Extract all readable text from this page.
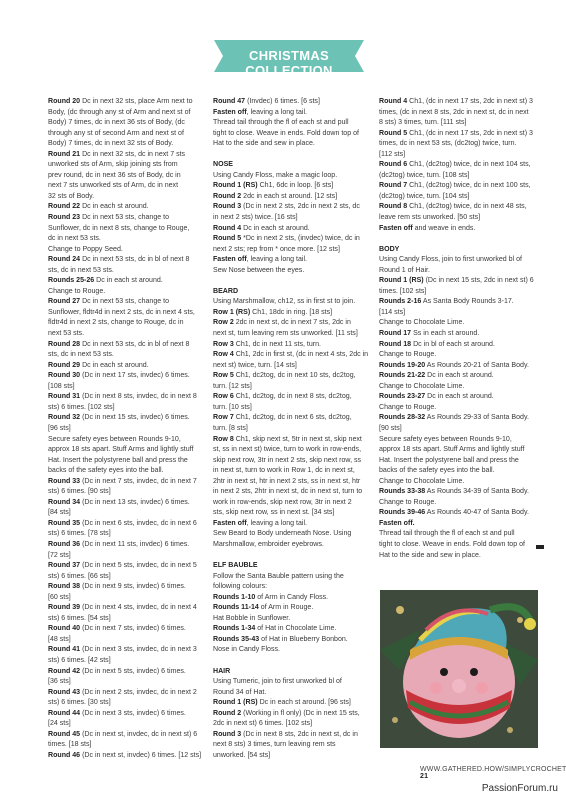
CHRISTMAS COLLECTION
Round 20 Dc in next 32 sts, place Arm next to
Body, (dc through any st of Arm and next st of
Body) 7 times, dc in next 36 sts of Body, (dc
through any st of second Arm and next st of
Body) 7 times, dc in next 32 sts of Body.
Round 21 Dc in next 32 sts, dc in next 7 sts
unworked sts of Arm, skip joining sts from
prev round, dc in next 36 sts of Body, dc in
next 7 sts unworked sts of Arm, dc in next
32 sts of Body.
Round 22 Dc in each st around.
Round 23 Dc in next 53 sts, change to
Sunflower, dc in next 8 sts, change to Rouge,
dc in next 53 sts.
Change to Poppy Seed.
Round 24 Dc in next 53 sts, dc in bl of next 8
sts, dc in next 53 sts.
Rounds 25-26 Dc in each st around.
Change to Rouge.
Round 27 Dc in next 53 sts, change to
Sunflower, fldtr4d in next 2 sts, dc in next 4 sts,
fldtr4d in next 2 sts, change to Rouge, dc in
next 53 sts.
Round 28 Dc in next 53 sts, dc in bl of next 8
sts, dc in next 53 sts.
Round 29 Dc in each st around.
Round 30 (Dc in next 17 sts, invdec) 6 times.
[108 sts]
Round 31 (Dc in next 8 sts, invdec, dc in next 8
sts) 6 times. [102 sts]
Round 32 (Dc in next 15 sts, invdec) 6 times.
[96 sts]
Secure safety eyes between Rounds 9-10,
approx 18 sts apart. Stuff Arms and lightly stuff
Hat. Insert the polystyrene ball and press the
backs of the safety eyes into the ball.
Round 33 (Dc in next 7 sts, invdec, dc in next 7
sts) 6 times. [90 sts]
Round 34 (Dc in next 13 sts, invdec) 6 times.
[84 sts]
Round 35 (Dc in next 6 sts, invdec, dc in next 6
sts) 6 times. [78 sts]
Round 36 (Dc in next 11 sts, invdec) 6 times.
[72 sts]
Round 37 (Dc in next 5 sts, invdec, dc in next 5
sts) 6 times. [66 sts]
Round 38 (Dc in next 9 sts, invdec) 6 times.
[60 sts]
Round 39 (Dc in next 4 sts, invdec, dc in next 4
sts) 6 times. [54 sts]
Round 40 (Dc in next 7 sts, invdec) 6 times.
[48 sts]
Round 41 (Dc in next 3 sts, invdec, dc in next 3
sts) 6 times. [42 sts]
Round 42 (Dc in next 5 sts, invdec) 6 times.
[36 sts]
Round 43 (Dc in next 2 sts, invdec, dc in next 2
sts) 6 times. [30 sts]
Round 44 (Dc in next 3 sts, invdec) 6 times.
[24 sts]
Round 45 (Dc in next st, invdec, dc in next st) 6
times. [18 sts]
Round 46 (Dc in next st, invdec) 6 times. [12 sts]
Round 47 (Invdec) 6 times. [6 sts]
Fasten off, leaving a long tail.
Thread tail through the fl of each st and pull
tight to close. Weave in ends. Fold down top of
Hat to the side and sew in place.
NOSE
Using Candy Floss, make a magic loop.
Round 1 (RS) Ch1, 6dc in loop. [6 sts]
Round 2 2dc in each st around. [12 sts]
Round 3 (Dc in next 2 sts, 2dc in next 2 sts, dc
in next 2 sts) twice. [16 sts]
Round 4 Dc in each st around.
Round 5 *Dc in next 2 sts, (invdec) twice, dc in
next 2 sts; rep from * once more. [12 sts]
Fasten off, leaving a long tail.
Sew Nose between the eyes.
BEARD
Using Marshmallow, ch12, ss in first st to join.
Row 1 (RS) Ch1, 18dc in ring. [18 sts]
Row 2 2dc in next st, dc in next 7 sts, 2dc in
next st, turn leaving rem sts unworked. [11 sts]
Row 3 Ch1, dc in next 11 sts, turn.
Row 4 Ch1, 2dc in first st, (dc in next 4 sts, 2dc in
next st) twice, turn. [14 sts]
Row 5 Ch1, dc2tog, dc in next 10 sts, dc2tog,
turn. [12 sts]
Row 6 Ch1, dc2tog, dc in next 8 sts, dc2tog,
turn. [10 sts]
Row 7 Ch1, dc2tog, dc in next 6 sts, dc2tog,
turn. [8 sts]
Row 8 Ch1, skip next st, 5tr in next st, skip next
st, ss in next st) twice, turn to work in row-ends,
skip next row, 3tr in next 2 sts, skip next row, ss
in next st, turn to work in Row 1, dc in next st,
2htr in next st, htr in next 2 sts, ss in next st, htr
in next 2 sts, 2htr in next st, dc in next st, turn to
work in row-ends, skip next row, 3tr in next 2
sts, skip next row, ss in next st. [34 sts]
Fasten off, leaving a long tail.
Sew Beard to Body underneath Nose. Using
Marshmallow, embroider eyebrows.
ELF BAUBLE
Follow the Santa Bauble pattern using the
following colours:
Rounds 1-10 of Arm in Candy Floss.
Rounds 11-14 of Arm in Rouge.
Hat Bobble in Sunflower.
Rounds 1-34 of Hat in Chocolate Lime.
Rounds 35-43 of Hat in Blueberry Bonbon.
Nose in Candy Floss.
HAIR
Using Tumeric, join to first unworked bl of
Round 34 of Hat.
Round 1 (RS) Dc in each st around. [96 sts]
Round 2 (Working in fl only) (Dc in next 15 sts,
2dc in next st) 6 times. [102 sts]
Round 3 (Dc in next 8 sts, 2dc in next st, dc in
next 8 sts) 3 times, turn leaving rem sts
unworked. [54 sts]
Round 4 Ch1, (dc in next 17 sts, 2dc in next st) 3
times, (dc in next 8 sts, 2dc in next st, dc in next
8 sts) 3 times, turn. [111 sts]
Round 5 Ch1, (dc in next 17 sts, 2dc in next st) 3
times, dc in next 53 sts, (dc2tog) twice, turn.
[112 sts]
Round 6 Ch1, (dc2tog) twice, dc in next 104 sts,
(dc2tog) twice, turn. [108 sts]
Round 7 Ch1, (dc2tog) twice, dc in next 100 sts,
(dc2tog) twice, turn. [104 sts]
Round 8 Ch1, (dc2tog) twice, dc in next 48 sts,
leave rem sts unworked. [50 sts]
Fasten off and weave in ends.
BODY
Using Candy Floss, join to first unworked bl of
Round 1 of Hair.
Round 1 (RS) (Dc in next 15 sts, 2dc in next st) 6
times. [102 sts]
Rounds 2-16 As Santa Body Rounds 3-17.
[114 sts]
Change to Chocolate Lime.
Round 17 Ss in each st around.
Round 18 Dc in bl of each st around.
Change to Rouge.
Rounds 19-20 As Rounds 20-21 of Santa Body.
Rounds 21-22 Dc in each st around.
Change to Chocolate Lime.
Rounds 23-27 Dc in each st around.
Change to Rouge.
Rounds 28-32 As Rounds 29-33 of Santa Body.
[90 sts]
Secure safety eyes between Rounds 9-10,
approx 18 sts apart. Stuff Arms and lightly stuff
Hat. Insert the polystyrene ball and press the
backs of the safety eyes into the ball.
Change to Chocolate Lime.
Rounds 33-38 As Rounds 34-39 of Santa Body.
Change to Rouge.
Rounds 39-46 As Rounds 40-47 of Santa Body.
Fasten off.
Thread tail through the fl of each st and pull
tight to close. Weave in ends. Fold down top of
Hat to the side and sew in place.
WWW.GATHERED.HOW/SIMPLYCROCHET 21
PassionForum.ru
